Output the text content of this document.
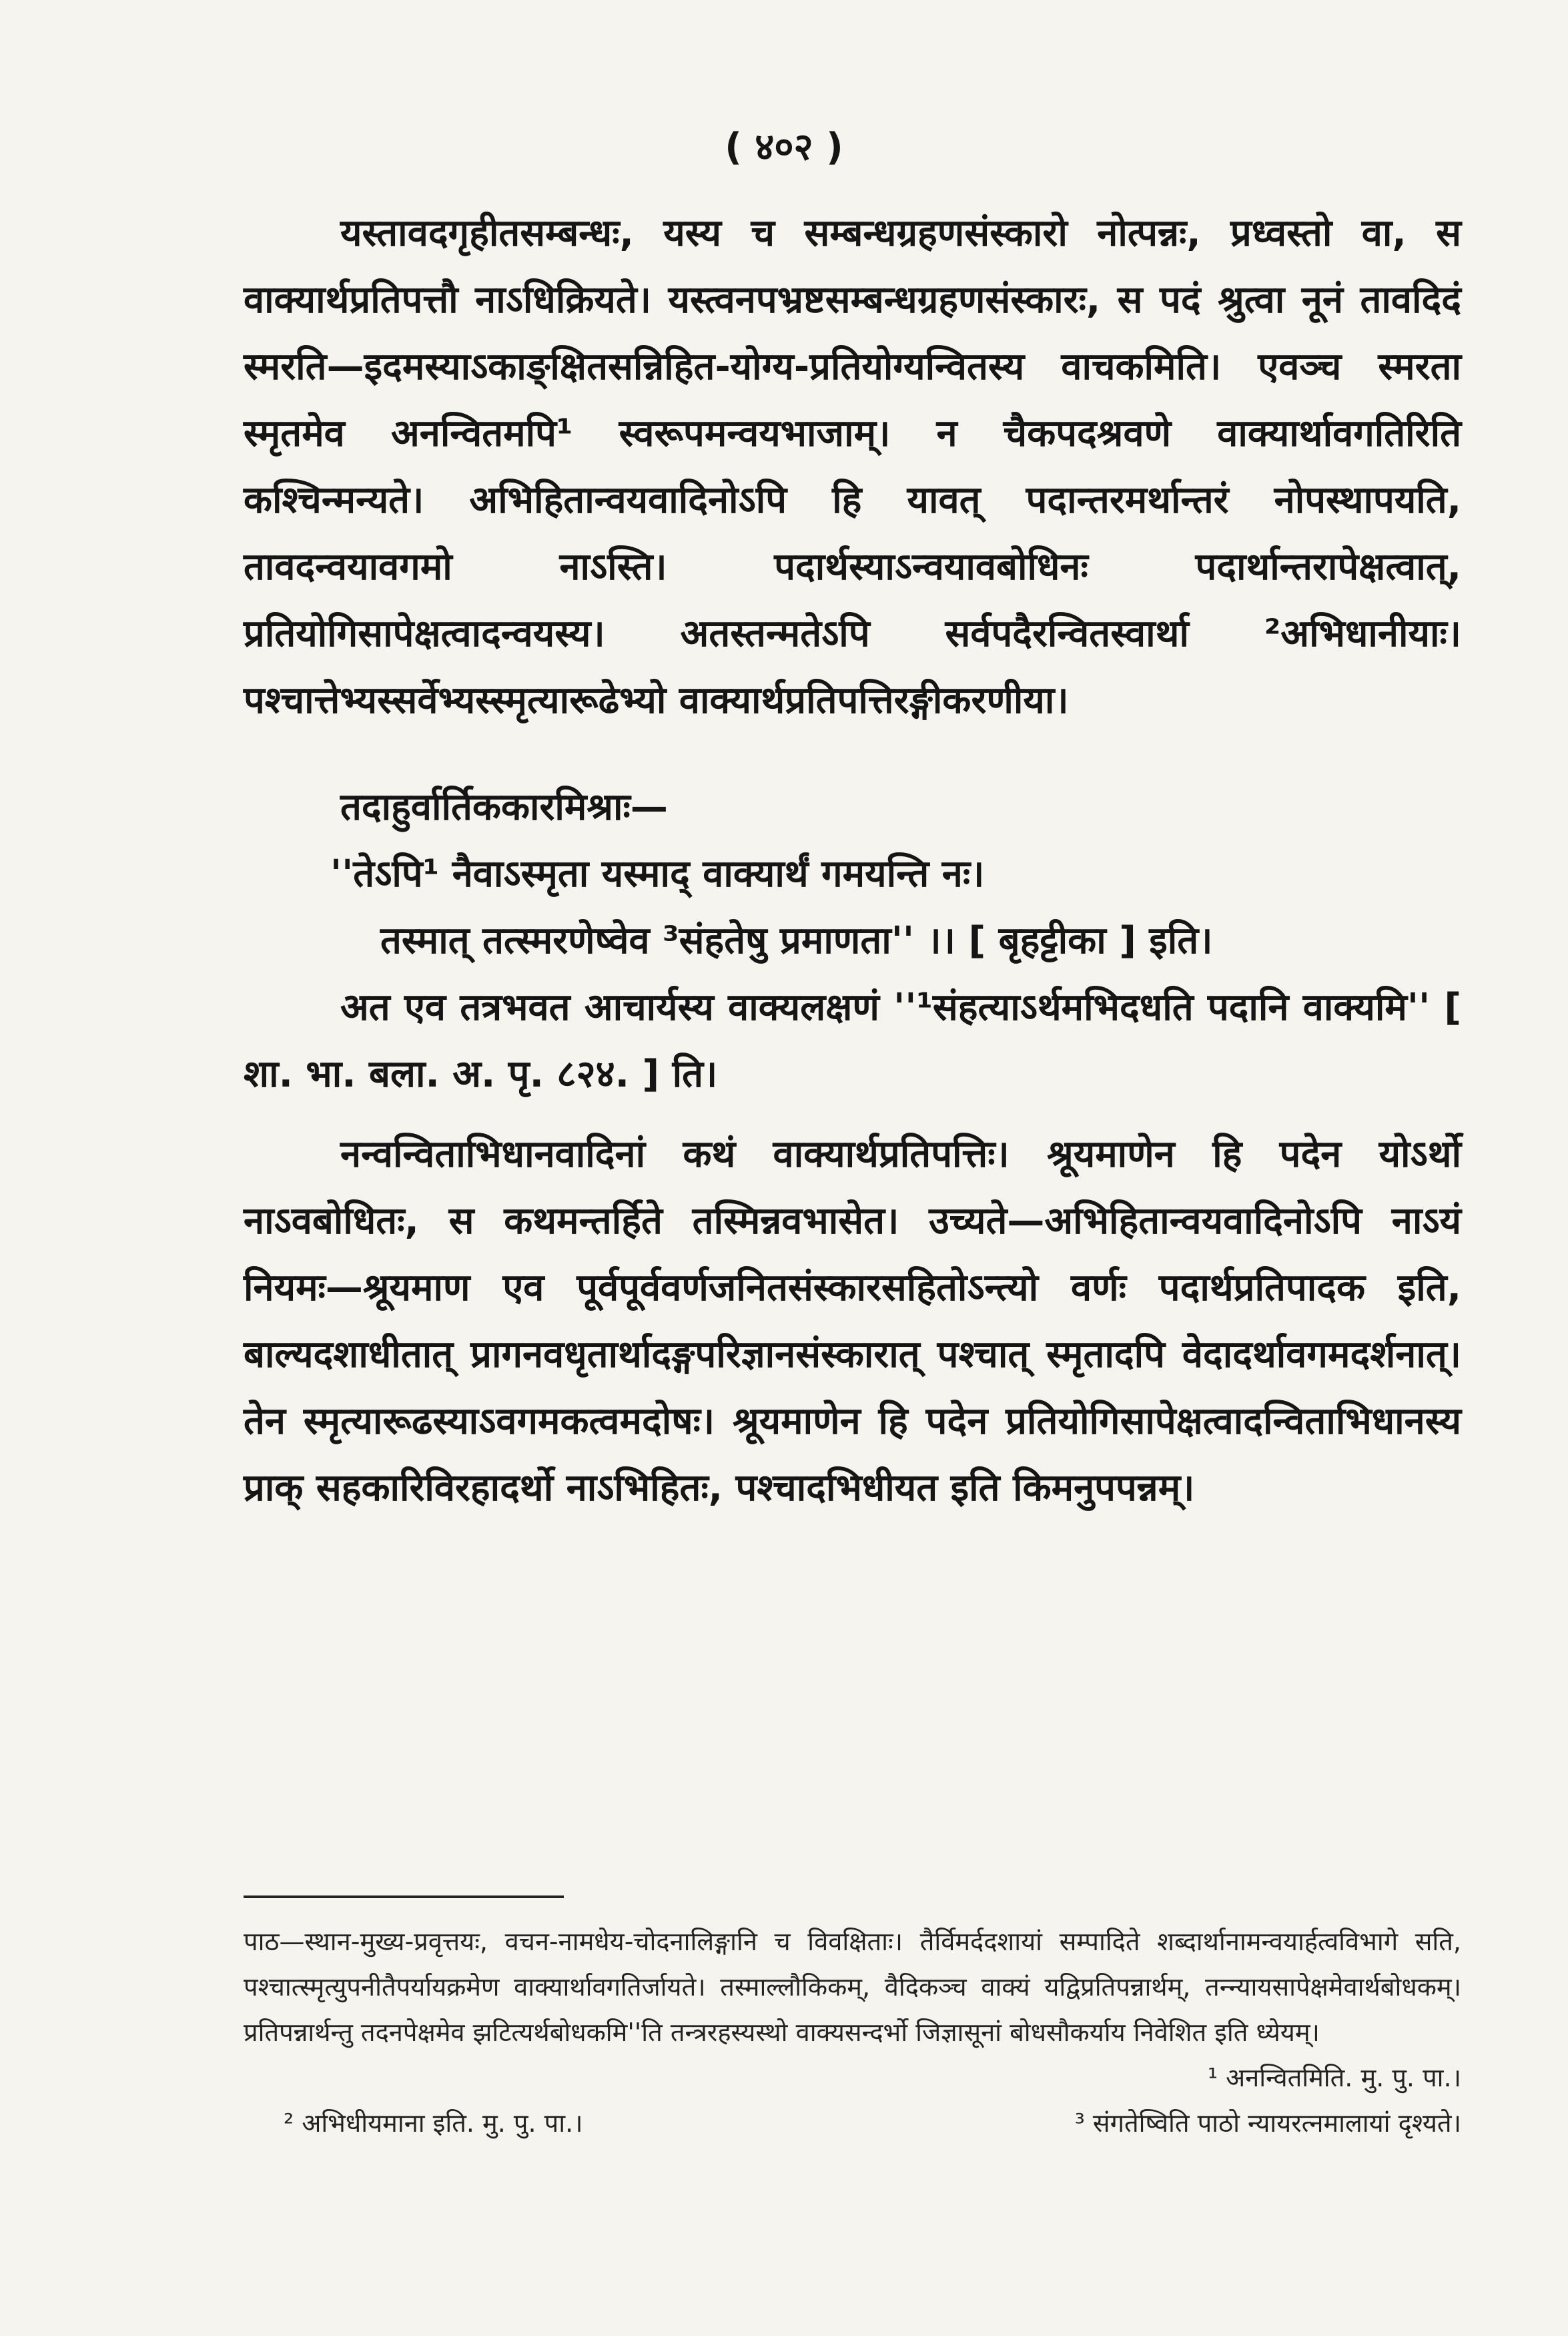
( ४०२ )

यस्तावदगृहीतसम्बन्धः, यस्य च सम्बन्धग्रहणसंस्कारो नोत्पन्नः, प्रध्वस्तो वा, स वाक्यार्थप्रतिपत्तौ नाऽधिक्रियते। यस्त्वनपभ्रष्टसम्बन्धग्रहणसंस्कारः, स पदं श्रुत्वा नूनं तावदिदं स्मरति—इदमस्याऽकाङ्क्षितसन्निहित-योग्य-प्रतियोग्यन्वितस्य वाचकमिति। एवञ्च स्मरता स्मृतमेव अनन्वितमपि¹ स्वरूपमन्वयभाजाम्। न चैकपदश्रवणे वाक्यार्थावगतिरिति कश्चिन्मन्यते। अभिहितान्वयवादिनोऽपि हि यावत् पदान्तरमर्थान्तरं नोपस्थापयति, तावदन्वयावगमो नाऽस्ति। पदार्थस्याऽन्वयावबोधिनः पदार्थान्तरापेक्षत्वात्, प्रतियोगिसापेक्षत्वादन्वयस्य। अतस्तन्मतेऽपि सर्वपदैरन्वितस्वार्था ²अभिधानीयाः। पश्चात्तेभ्यस्सर्वेभ्यस्स्मृत्यारूढेभ्यो वाक्यार्थप्रतिपत्तिरङ्गीकरणीया।

तदाहुर्वार्तिककारमिश्राः—

''तेऽपि¹ नैवाऽस्मृता यस्माद् वाक्यार्थं गमयन्ति नः।

तस्मात् तत्स्मरणेष्वेव ³संहतेषु प्रमाणता'' ।। [ बृहट्टीका ] इति।

अत एव तत्रभवत आचार्यस्य वाक्यलक्षणं ''¹संहत्याऽर्थमभिदधति पदानि वाक्यमि'' [ शा. भा. बला. अ. पृ. ८२४. ] ति।

नन्वन्विताभिधानवादिनां कथं वाक्यार्थप्रतिपत्तिः। श्रूयमाणेन हि पदेन योऽर्थो नाऽवबोधितः, स कथमन्तर्हिते तस्मिन्नवभासेत। उच्यते—अभिहितान्वयवादिनोऽपि नाऽयं नियमः—श्रूयमाण एव पूर्वपूर्ववर्णजनितसंस्कारसहितोऽन्त्यो वर्णः पदार्थप्रतिपादक इति, बाल्यदशाधीतात् प्रागनवधृतार्थादङ्गपरिज्ञानसंस्कारात् पश्चात् स्मृतादपि वेदादर्थावगमदर्शनात्। तेन स्मृत्यारूढस्याऽवगमकत्वमदोषः। श्रूयमाणेन हि पदेन प्रतियोगिसापेक्षत्वादन्विताभिधानस्य प्राक् सहकारिविरहादर्थो नाऽभिहितः, पश्चादभिधीयत इति किमनुपपन्नम्।

पाठ—स्थान-मुख्य-प्रवृत्तयः, वचन-नामधेय-चोदनालिङ्गानि च विवक्षिताः। तैर्विमर्ददशायां सम्पादिते शब्दार्थानामन्वयार्हत्वविभागे सति, पश्चात्स्मृत्युपनीतैपर्यायक्रमेण वाक्यार्थावगतिर्जायते। तस्माल्लौकिकम्, वैदिकञ्च वाक्यं यद्विप्रतिपन्नार्थम्, तन्न्यायसापेक्षमेवार्थबोधकम्। प्रतिपन्नार्थन्तु तदनपेक्षमेव झटित्यर्थबोधकमि''ति तन्त्ररहस्यस्थो वाक्यसन्दर्भो जिज्ञासूनां बोधसौकर्याय निवेशित इति ध्येयम्।

¹ अनन्वितमिति. मु. पु. पा.।
² अभिधीयमाना इति. मु. पु. पा.।	³ संगतेष्विति पाठो न्यायरत्नमालायां दृश्यते।
